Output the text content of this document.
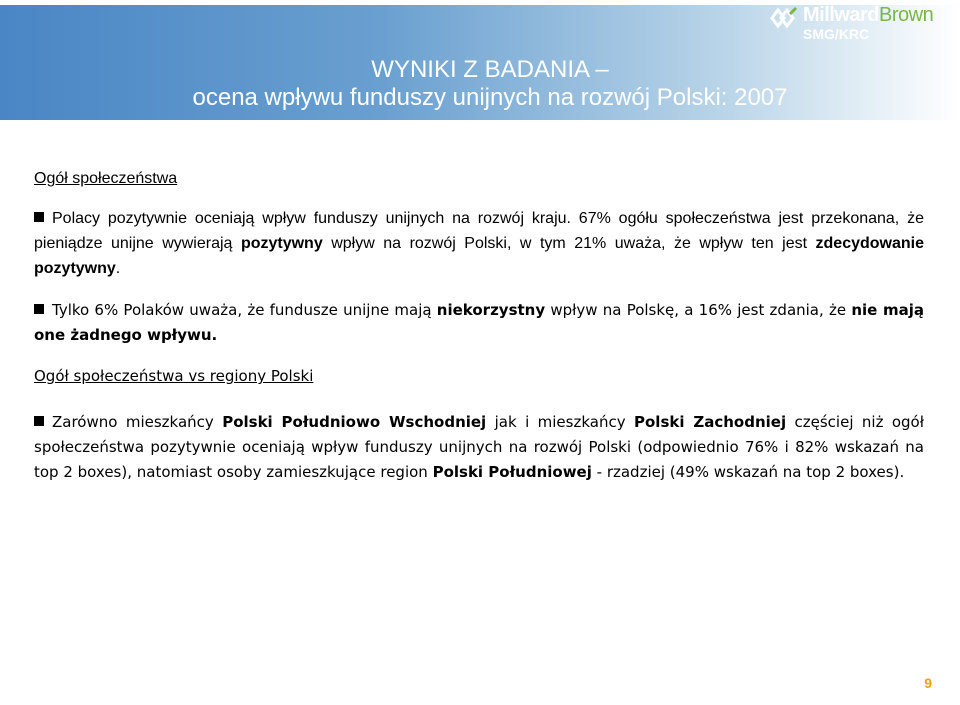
MillwardBrown
SMG/KRC
WYNIKI Z BADANIA –
ocena wpływu funduszy unijnych na rozwój Polski: 2007

Ogół społeczeństwa

Polacy pozytywnie oceniają wpływ funduszy unijnych na rozwój kraju. 67% ogółu społeczeństwa jest przekonana, że pieniądze unijne wywierają pozytywny wpływ na rozwój Polski, w tym 21% uważa, że wpływ ten jest zdecydowanie pozytywny.

Tylko 6% Polaków uważa, że fundusze unijne mają niekorzystny wpływ na Polskę, a 16% jest zdania, że nie mają one żadnego wpływu.

Ogół społeczeństwa vs regiony Polski

Zarówno mieszkańcy Polski Południowo Wschodniej jak i mieszkańcy Polski Zachodniej częściej niż ogół społeczeństwa pozytywnie oceniają wpływ funduszy unijnych na rozwój Polski (odpowiednio 76% i 82% wskazań na top 2 boxes), natomiast osoby zamieszkujące region Polski Południowej - rzadziej (49% wskazań na top 2 boxes).

9
